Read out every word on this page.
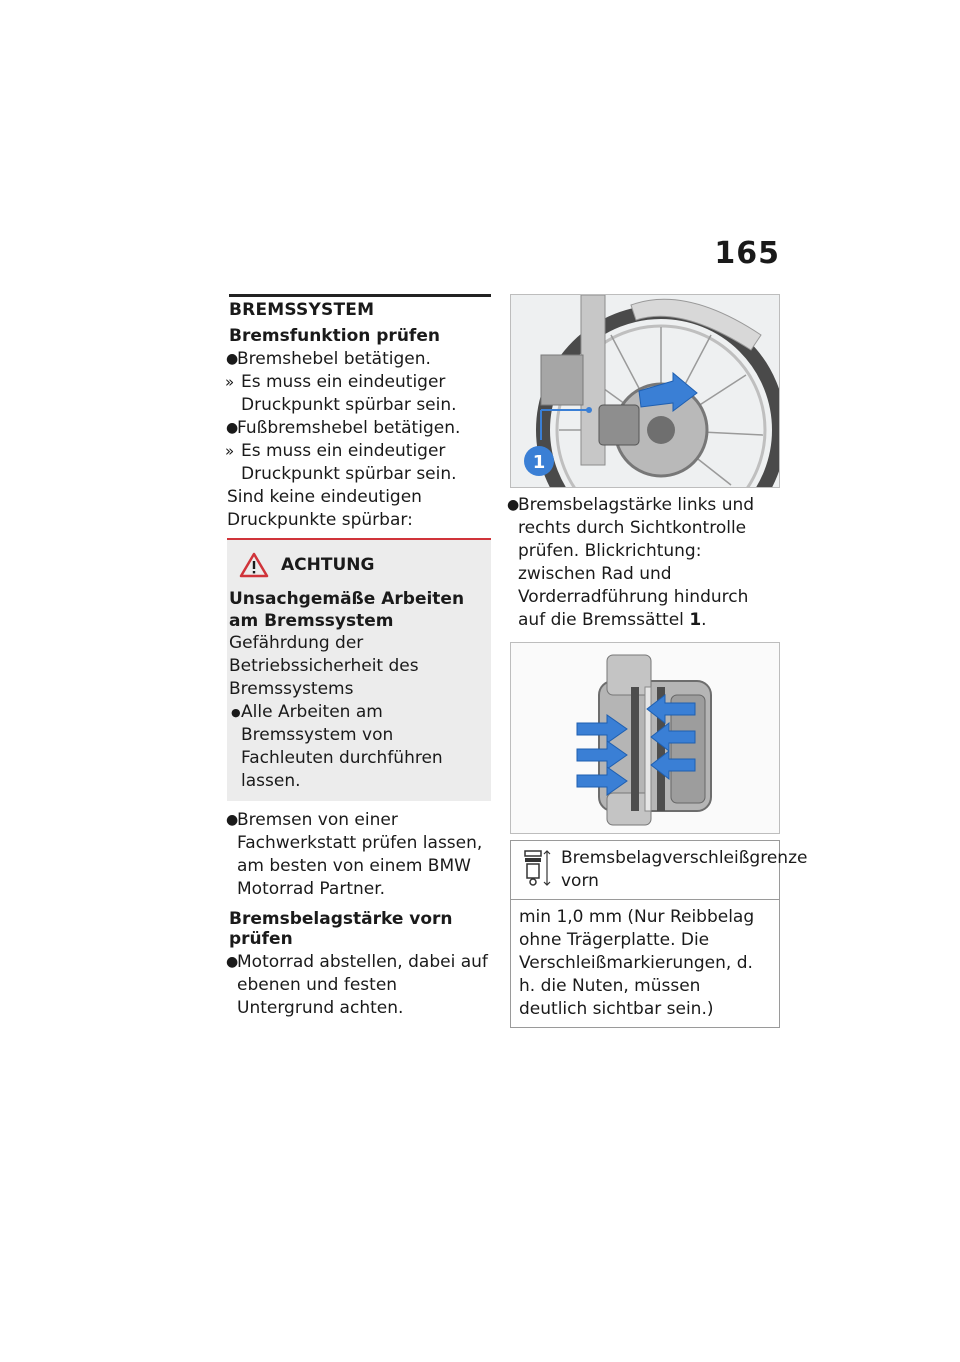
165
BREMSSYSTEM
Bremsfunktion prüfen
●
Bremshebel betätigen.
» Es muss ein eindeutiger Druckpunkt spürbar sein.
●
Fußbremshebel betätigen.
» Es muss ein eindeutiger Druckpunkt spürbar sein.
Sind keine eindeutigen Druckpunkte spürbar:
ACHTUNG
Unsachgemäße Arbeiten am Bremssystem
Gefährdung der Betriebssicherheit des Bremssystems
● Alle Arbeiten am Bremssystem von Fachleuten durchführen lassen.
●
Bremsen von einer Fachwerkstatt prüfen lassen, am besten von einem BMW Motorrad Partner.
Bremsbelagstärke vorn prüfen
●
Motorrad abstellen, dabei auf ebenen und festen Untergrund achten.
1
●
Bremsbelagstärke links und rechts durch Sichtkontrolle prüfen. Blickrichtung: zwischen Rad und Vorderradführung hindurch auf die Bremssättel 1.
Bremsbelagverschleißgrenze vorn
min 1,0 mm (Nur Reibbelag ohne Trägerplatte. Die Verschleißmarkierungen, d. h. die Nuten, müssen deutlich sichtbar sein.)
